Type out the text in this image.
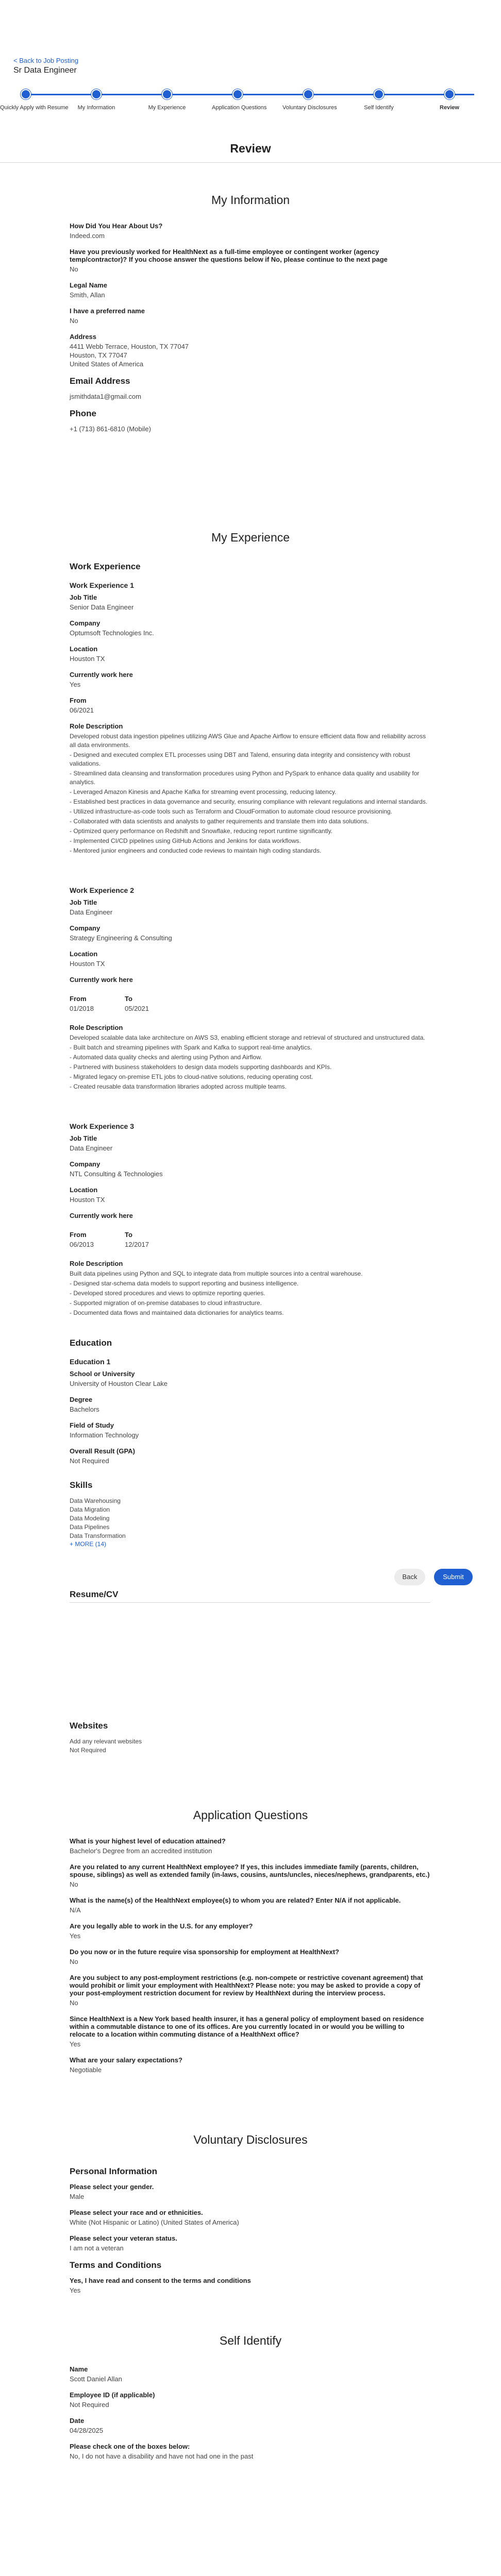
< Back to Job Posting
Sr Data Engineer
Quickly Apply with Resume	My Information	My Experience	Application Questions	Voluntary Disclosures	Self Identify	Review
Review
My Information
How Did You Hear About Us?
Indeed.com
Have you previously worked for HealthNext as a full-time employee or contingent worker (agency temp/contractor)? If you choose answer the questions below if No, please continue to the next page
No
Legal Name
Smith, Allan
I have a preferred name
No
Address
4411 Webb Terrace, Houston, TX 77047
Houston, TX 77047
United States of America
Email Address
jsmithdata1@gmail.com
Phone
+1 (713) 861-6810 (Mobile)
My Experience
Work Experience
Work Experience 1
Job Title
Senior Data Engineer
Company
Optumsoft Technologies Inc.
Location
Houston TX
Currently work here
Yes
From
06/2021
Role Description

Developed robust data ingestion pipelines utilizing AWS Glue and Apache Airflow to ensure efficient data flow and reliability across all data environments.

- Designed and executed complex ETL processes using DBT and Talend, ensuring data integrity and consistency with robust validations.

- Streamlined data cleansing and transformation procedures using Python and PySpark to enhance data quality and usability for analytics.

- Leveraged Amazon Kinesis and Apache Kafka for streaming event processing, reducing latency.

- Established best practices in data governance and security, ensuring compliance with relevant regulations and internal standards.

- Utilized infrastructure-as-code tools such as Terraform and CloudFormation to automate cloud resource provisioning.

- Collaborated with data scientists and analysts to gather requirements and translate them into data solutions.

- Optimized query performance on Redshift and Snowflake, reducing report runtime significantly.

- Implemented CI/CD pipelines using GitHub Actions and Jenkins for data workflows.

- Mentored junior engineers and conducted code reviews to maintain high coding standards.

Work Experience 2
Job Title
Data Engineer
Company
Strategy Engineering & Consulting
Location
Houston TX
Currently work here
From
01/2018
To
05/2021
Role Description

Developed scalable data lake architecture on AWS S3, enabling efficient storage and retrieval of structured and unstructured data.

- Built batch and streaming pipelines with Spark and Kafka to support real-time analytics.

- Automated data quality checks and alerting using Python and Airflow.

- Partnered with business stakeholders to design data models supporting dashboards and KPIs.

- Migrated legacy on-premise ETL jobs to cloud-native solutions, reducing operating cost.

- Created reusable data transformation libraries adopted across multiple teams.

Work Experience 3
Job Title
Data Engineer
Company
NTL Consulting & Technologies
Location
Houston TX
Currently work here
From
06/2013
To
12/2017
Role Description

Built data pipelines using Python and SQL to integrate data from multiple sources into a central warehouse.

- Designed star-schema data models to support reporting and business intelligence.

- Developed stored procedures and views to optimize reporting queries.

- Supported migration of on-premise databases to cloud infrastructure.

- Documented data flows and maintained data dictionaries for analytics teams.

Education
Education 1
School or University
University of Houston Clear Lake
Degree
Bachelors
Field of Study
Information Technology
Overall Result (GPA)
Not Required
Skills
Data Warehousing
Data Migration
Data Modeling
Data Pipelines
Data Transformation
+ MORE (14)
Resume/CV
Back	Submit
Websites
Add any relevant websites
Not Required
Application Questions
What is your highest level of education attained?
Bachelor's Degree from an accredited institution
Are you related to any current HealthNext employee? If yes, this includes immediate family (parents, children, spouse, siblings) as well as extended family (in-laws, cousins, aunts/uncles, nieces/nephews, grandparents, etc.)
No
What is the name(s) of the HealthNext employee(s) to whom you are related? Enter N/A if not applicable.
N/A
Are you legally able to work in the U.S. for any employer?
Yes
Do you now or in the future require visa sponsorship for employment at HealthNext?
No
Are you subject to any post-employment restrictions (e.g. non-compete or restrictive covenant agreement) that would prohibit or limit your employment with HealthNext? Please note: you may be asked to provide a copy of your post-employment restriction document for review by HealthNext during the interview process.
No
Since HealthNext is a New York based health insurer, it has a general policy of employment based on residence within a commutable distance to one of its offices. Are you currently located in or would you be willing to relocate to a location within commuting distance of a HealthNext office?
Yes
What are your salary expectations?
Negotiable
Voluntary Disclosures
Personal Information
Please select your gender.
Male
Please select your race and or ethnicities.
White (Not Hispanic or Latino) (United States of America)
Please select your veteran status.
I am not a veteran
Terms and Conditions
Yes, I have read and consent to the terms and conditions
Yes
Self Identify
Name
Scott Daniel Allan
Employee ID (if applicable)
Not Required
Date
04/28/2025
Please check one of the boxes below:
No, I do not have a disability and have not had one in the past
